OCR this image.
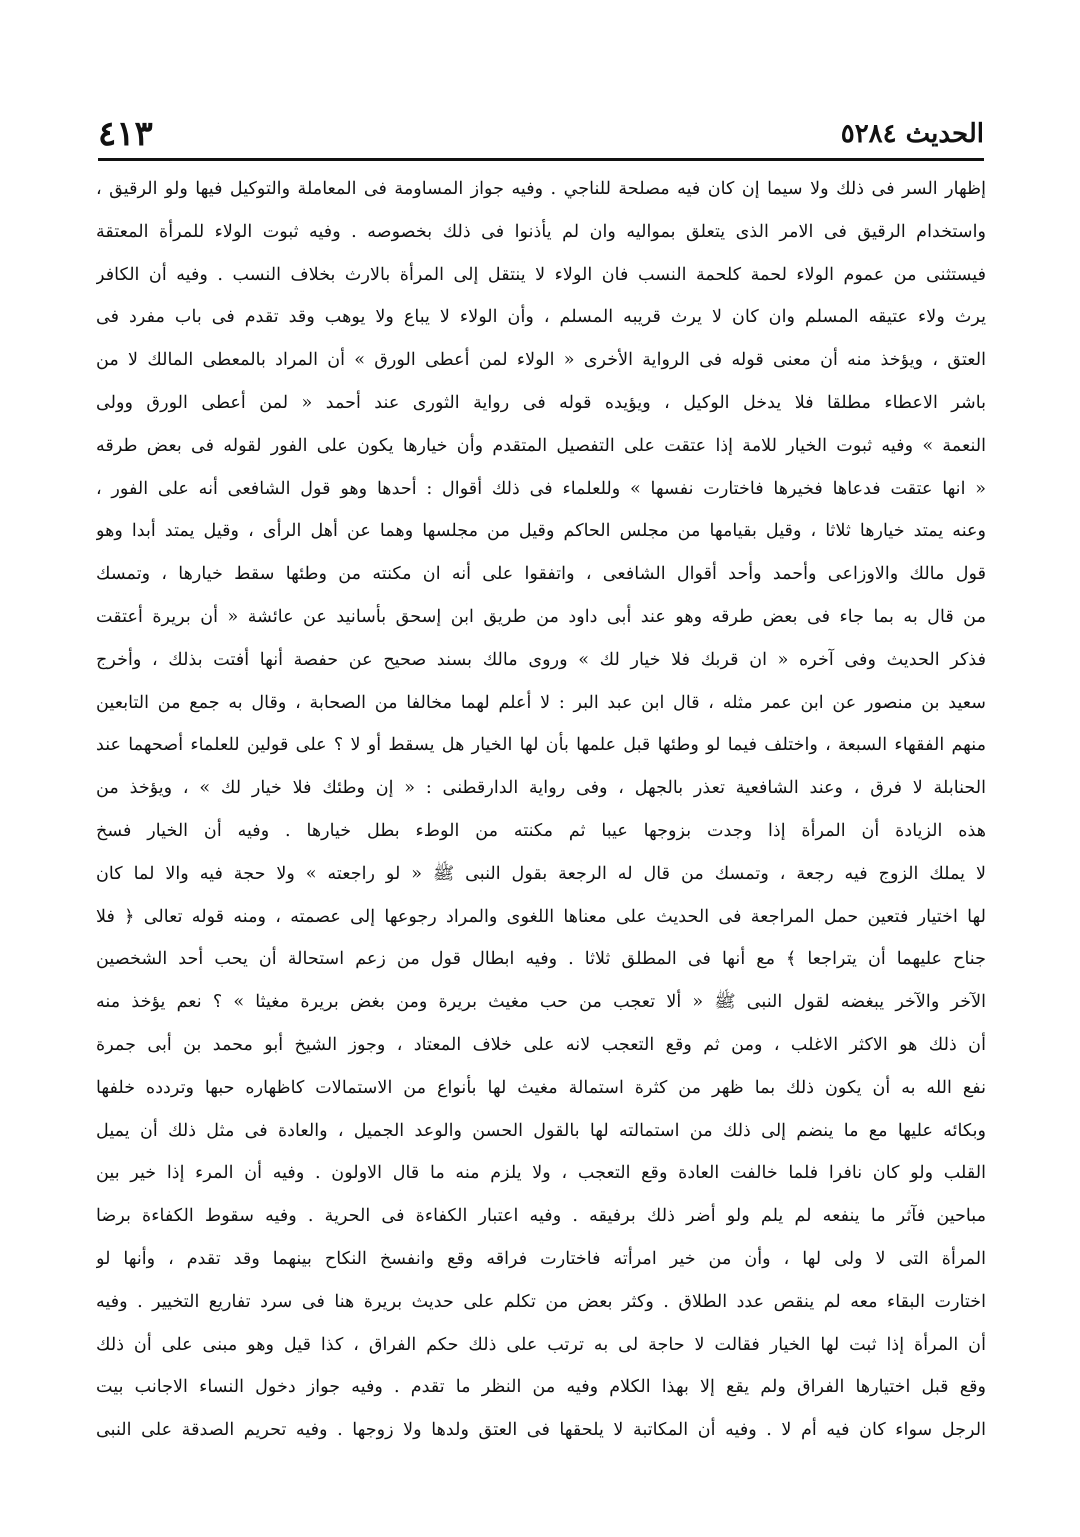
الحديث ٥٢٨٤
٤١٣
إظهار السر فى ذلك ولا سيما إن كان فيه مصلحة للناجي . وفيه جواز المساومة فى المعاملة والتوكيل فيها ولو الرقيق ،
واستخدام الرقيق فى الامر الذى يتعلق بمواليه وان لم يأذنوا فى ذلك بخصوصه . وفيه ثبوت الولاء للمرأة المعتقة
فيستثنى من عموم الولاء لحمة كلحمة النسب فان الولاء لا ينتقل إلى المرأة بالارث بخلاف النسب . وفيه أن الكافر
يرث ولاء عتيقه المسلم وان كان لا يرث قريبه المسلم ، وأن الولاء لا يباع ولا يوهب وقد تقدم فى باب مفرد فى
العتق ، ويؤخذ منه أن معنى قوله فى الرواية الأخرى « الولاء لمن أعطى الورق » أن المراد بالمعطى المالك لا من
باشر الاعطاء مطلقا فلا يدخل الوكيل ، ويؤيده قوله فى رواية الثورى عند أحمد « لمن أعطى الورق وولى
النعمة » وفيه ثبوت الخيار للامة إذا عتقت على التفصيل المتقدم وأن خيارها يكون على الفور لقوله فى بعض طرقه
« انها عتقت فدعاها فخيرها فاختارت نفسها » وللعلماء فى ذلك أقوال : أحدها وهو قول الشافعى أنه على الفور ،
وعنه يمتد خيارها ثلاثا ، وقيل بقيامها من مجلس الحاكم وقيل من مجلسها وهما عن أهل الرأى ، وقيل يمتد أبدا وهو
قول مالك والاوزاعى وأحمد وأحد أقوال الشافعى ، واتفقوا على أنه ان مكنته من وطئها سقط خيارها ، وتمسك
من قال به بما جاء فى بعض طرقه وهو عند أبى داود من طريق ابن إسحق بأسانيد عن عائشة « أن بريرة أعتقت
فذكر الحديث وفى آخره « ان قربك فلا خيار لك » وروى مالك بسند صحيح عن حفصة أنها أفتت بذلك ، وأخرج
سعيد بن منصور عن ابن عمر مثله ، قال ابن عبد البر : لا أعلم لهما مخالفا من الصحابة ، وقال به جمع من التابعين
منهم الفقهاء السبعة ، واختلف فيما لو وطئها قبل علمها بأن لها الخيار هل يسقط أو لا ؟ على قولين للعلماء أصحهما عند
الحنابلة لا فرق ، وعند الشافعية تعذر بالجهل ، وفى رواية الدارقطنى : « إن وطئك فلا خيار لك » ، ويؤخذ من
هذه الزيادة أن المرأة إذا وجدت بزوجها عيبا ثم مكنته من الوطء بطل خيارها . وفيه أن الخيار فسخ
لا يملك الزوج فيه رجعة ، وتمسك من قال له الرجعة بقول النبى ﷺ « لو راجعته » ولا حجة فيه والا لما كان
لها اختيار فتعين حمل المراجعة فى الحديث على معناها اللغوى والمراد رجوعها إلى عصمته ، ومنه قوله تعالى ﴿ فلا
جناح عليهما أن يتراجعا ﴾ مع أنها فى المطلق ثلاثا . وفيه ابطال قول من زعم استحالة أن يحب أحد الشخصين
الآخر والآخر يبغضه لقول النبى ﷺ « ألا تعجب من حب مغيث بريرة ومن بغض بريرة مغيثا » ؟ نعم يؤخذ منه
أن ذلك هو الاكثر الاغلب ، ومن ثم وقع التعجب لانه على خلاف المعتاد ، وجوز الشيخ أبو محمد بن أبى جمرة
نفع الله به أن يكون ذلك بما ظهر من كثرة استمالة مغيث لها بأنواع من الاستمالات كاظهاره حبها وتردده خلفها
وبكائه عليها مع ما ينضم إلى ذلك من استمالته لها بالقول الحسن والوعد الجميل ، والعادة فى مثل ذلك أن يميل
القلب ولو كان نافرا فلما خالفت العادة وقع التعجب ، ولا يلزم منه ما قال الاولون . وفيه أن المرء إذا خير بين
مباحين فآثر ما ينفعه لم يلم ولو أضر ذلك برفيقه . وفيه اعتبار الكفاءة فى الحرية . وفيه سقوط الكفاءة برضا
المرأة التى لا ولى لها ، وأن من خير امرأته فاختارت فراقه وقع وانفسخ النكاح بينهما وقد تقدم ، وأنها لو
اختارت البقاء معه لم ينقص عدد الطلاق . وكثر بعض من تكلم على حديث بريرة هنا فى سرد تفاريع التخيير . وفيه
أن المرأة إذا ثبت لها الخيار فقالت لا حاجة لى به ترتب على ذلك حكم الفراق ، كذا قيل وهو مبنى على أن ذلك
وقع قبل اختيارها الفراق ولم يقع إلا بهذا الكلام وفيه من النظر ما تقدم . وفيه جواز دخول النساء الاجانب بيت
الرجل سواء كان فيه أم لا . وفيه أن المكاتبة لا يلحقها فى العتق ولدها ولا زوجها . وفيه تحريم الصدقة على النبى
